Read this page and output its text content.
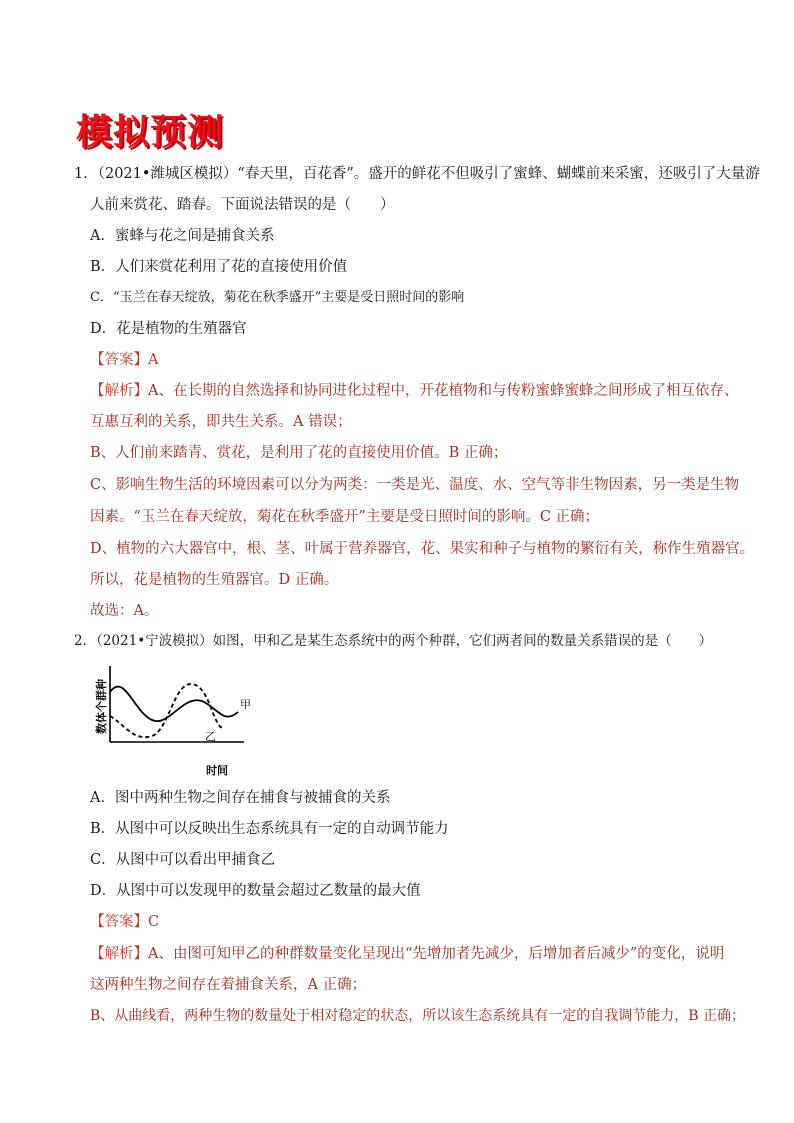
模拟预测
1．（2021•潍城区模拟）“春天里，百花香”。盛开的鲜花不但吸引了蜜蜂、蝴蝶前来采蜜，还吸引了大量游
人前来赏花、踏春。下面说法错误的是（　　）
A．蜜蜂与花之间是捕食关系
B．人们来赏花利用了花的直接使用价值
C．“玉兰在春天绽放，菊花在秋季盛开”主要是受日照时间的影响
D．花是植物的生殖器官
【答案】A
【解析】A、在长期的自然选择和协同进化过程中，开花植物和与传粉蜜蜂蜜蜂之间形成了相互依存、
互惠互利的关系，即共生关系。A 错误；
B、人们前来踏青、赏花，是利用了花的直接使用价值。B 正确；
C、影响生物生活的环境因素可以分为两类：一类是光、温度、水、空气等非生物因素，另一类是生物
因素。“玉兰在春天绽放，菊花在秋季盛开”主要是受日照时间的影响。C 正确；
D、植物的六大器官中，根、茎、叶属于营养器官，花、果实和种子与植物的繁衍有关，称作生殖器官。
所以，花是植物的生殖器官。D 正确。
故选：A。
2．（2021•宁波模拟）如图，甲和乙是某生态系统中的两个种群，它们两者间的数量关系错误的是（　　）
甲
乙
时间
数体个群种
A．图中两种生物之间存在捕食与被捕食的关系
B．从图中可以反映出生态系统具有一定的自动调节能力
C．从图中可以看出甲捕食乙
D．从图中可以发现甲的数量会超过乙数量的最大值
【答案】C
【解析】A、由图可知甲乙的种群数量变化呈现出“先增加者先减少，后增加者后减少”的变化，说明
这两种生物之间存在着捕食关系，A 正确；
B、从曲线看，两种生物的数量处于相对稳定的状态，所以该生态系统具有一定的自我调节能力，B 正确；
